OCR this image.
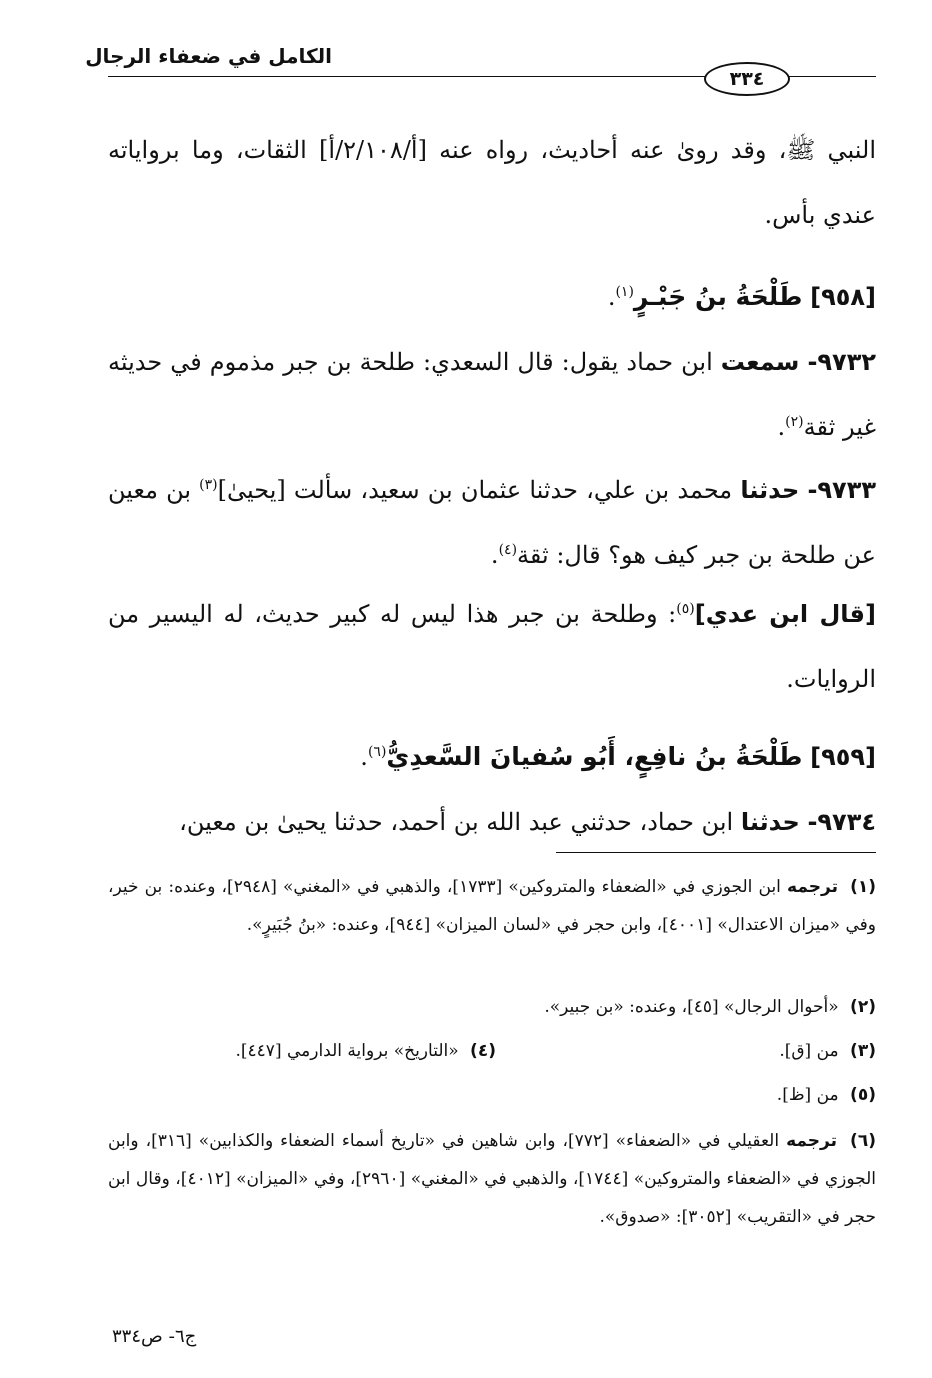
الكامل في ضعفاء الرجال
٣٣٤
النبي ﷺ، وقد روىٰ عنه أحاديث، رواه عنه [أ/٢/١٠٨/أ] الثقات، وما برواياته عندي بأس.
[٩٥٨] طَلْحَةُ بنُ جَبْـرٍ$^{(١)}$.
٩٧٣٢- سمعت ابن حماد يقول: قال السعدي: طلحة بن جبر مذموم في حديثه غير ثقة$^{(٢)}$.
٩٧٣٣- حدثنا محمد بن علي، حدثنا عثمان بن سعيد، سألت [يحيىٰ]$^{(٣)}$ بن معين عن طلحة بن جبر كيف هو؟ قال: ثقة$^{(٤)}$.
[قال ابن عدي]$^{(٥)}$: وطلحة بن جبر هذا ليس له كبير حديث، له اليسير من الروايات.
[٩٥٩] طَلْحَةُ بنُ نافِعٍ، أَبُو سُفيانَ السَّعدِيُّ$^{(٦)}$.
٩٧٣٤- حدثنا ابن حماد، حدثني عبد الله بن أحمد، حدثنا يحيىٰ بن معين،
(١) ترجمه ابن الجوزي في «الضعفاء والمتروكين» [١٧٣٣]، والذهبي في «المغني» [٢٩٤٨]، وعنده: بن خير، وفي «ميزان الاعتدال» [٤٠٠١]، وابن حجر في «لسان الميزان» [٩٤٤]، وعنده: «بنُ جُبَيرٍ».
(٢) «أحوال الرجال» [٤٥]، وعنده: «بن جبير».
(٣) من [ق].
(٤) «التاريخ» برواية الدارمي [٤٤٧].
(٥) من [ظ].
(٦) ترجمه العقيلي في «الضعفاء» [٧٧٢]، وابن شاهين في «تاريخ أسماء الضعفاء والكذابين» [٣١٦]، وابن الجوزي في «الضعفاء والمتروكين» [١٧٤٤]، والذهبي في «المغني» [٢٩٦٠]، وفي «الميزان» [٤٠١٢]، وقال ابن حجر في «التقريب» [٣٠٥٢]: «صدوق».
ج٦- ص٣٣٤
